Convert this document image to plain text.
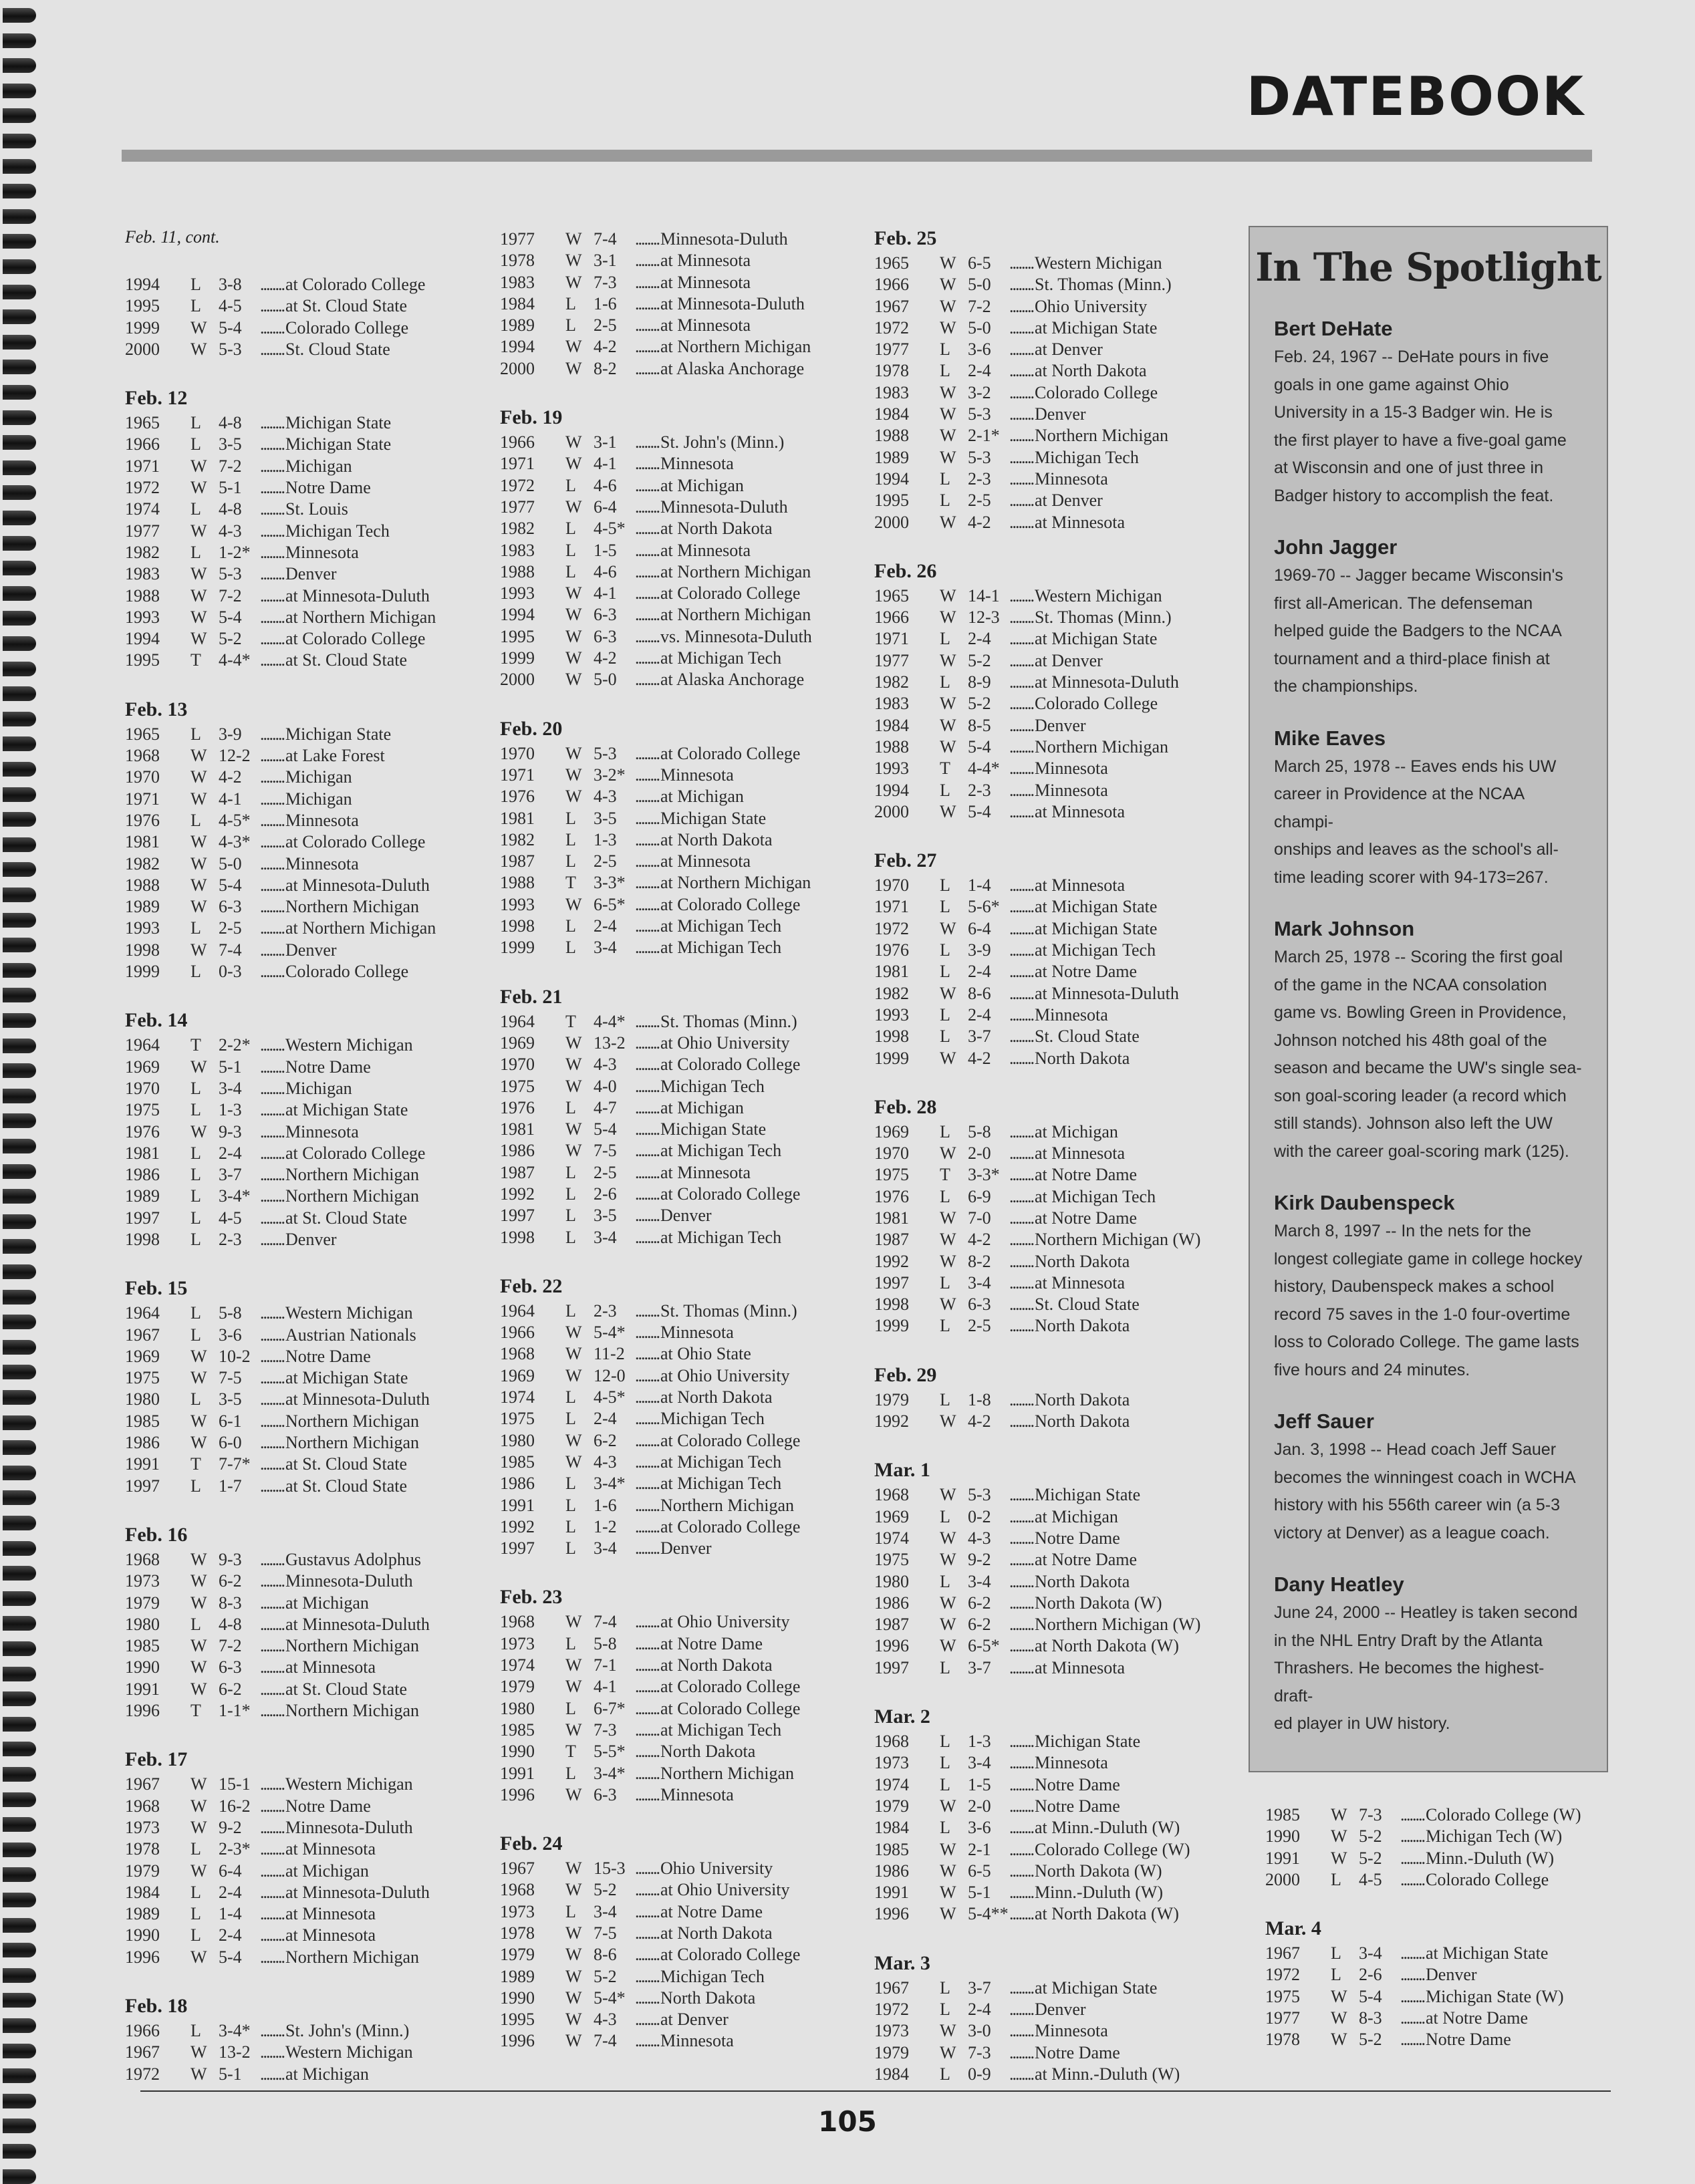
DATEBOOK
Feb. 11, cont.
1994	L	3-8	........ at Colorado College
1995	L	4-5	........ at St. Cloud State
1999	W 5-4	........ Colorado College
2000	W 5-3	........ St. Cloud State
Feb. 12
1965	L	4-8	........ Michigan State
1966	L	3-5	........ Michigan State
1971	W 7-2	........ Michigan
1972	W 5-1	........ Notre Dame
1974	L	4-8	........ St. Louis
1977	W 4-3	........ Michigan Tech
1982	L	1-2*	........ Minnesota
1983	W 5-3	........ Denver
1988	W 7-2	........ at Minnesota-Duluth
1993	W 5-4	........ at Northern Michigan
1994	W 5-2	........ at Colorado College
1995	T	4-4*	........ at St. Cloud State
Feb. 13
1965	L	3-9	........ Michigan State
1968	W 12-2	........ at Lake Forest
1970	W 4-2	........ Michigan
1971	W 4-1	........ Michigan
1976	L	4-5*	........ Minnesota
1981	W 4-3*	........ at Colorado College
1982	W 5-0	........ Minnesota
1988	W 5-4	........ at Minnesota-Duluth
1989	W 6-3	........ Northern Michigan
1993	L	2-5	........ at Northern Michigan
1998	W 7-4	........ Denver
1999	L	0-3	........ Colorado College
Feb. 14
1964	T	2-2*	........ Western Michigan
1969	W 5-1	........ Notre Dame
1970	L	3-4	........ Michigan
1975	L	1-3	........ at Michigan State
1976	W 9-3	........ Minnesota
1981	L	2-4	........ at Colorado College
1986	L	3-7	........ Northern Michigan
1989	L	3-4*	........ Northern Michigan
1997	L	4-5	........ at St. Cloud State
1998	L	2-3	........ Denver
Feb. 15
1964	L	5-8	........ Western Michigan
1967	L	3-6	........ Austrian Nationals
1969	W 10-2	........ Notre Dame
1975	W 7-5	........ at Michigan State
1980	L	3-5	........ at Minnesota-Duluth
1985	W 6-1	........ Northern Michigan
1986	W 6-0	........ Northern Michigan
1991	T	7-7*	........ at St. Cloud State
1997	L	1-7	........ at St. Cloud State
Feb. 16
1968	W 9-3	........ Gustavus Adolphus
1973	W 6-2	........ Minnesota-Duluth
1979	W 8-3	........ at Michigan
1980	L	4-8	........ at Minnesota-Duluth
1985	W 7-2	........ Northern Michigan
1990	W 6-3	........ at Minnesota
1991	W 6-2	........ at St. Cloud State
1996	T	1-1*	........ Northern Michigan
Feb. 17
1967	W 15-1	........ Western Michigan
1968	W 16-2	........ Notre Dame
1973	W 9-2	........ Minnesota-Duluth
1978	L	2-3*	........ at Minnesota
1979	W 6-4	........ at Michigan
1984	L	2-4	........ at Minnesota-Duluth
1989	L	1-4	........ at Minnesota
1990	L	2-4	........ at Minnesota
1996	W 5-4	........ Northern Michigan
Feb. 18
1966	L	3-4*	........ St. John's (Minn.)
1967	W 13-2	........ Western Michigan
1972	W 5-1	........ at Michigan
1977	W 7-4	........ Minnesota-Duluth
1978	W 3-1	........ at Minnesota
1983	W 7-3	........ at Minnesota
1984	L	1-6	........ at Minnesota-Duluth
1989	L	2-5	........ at Minnesota
1994	W 4-2	........ at Northern Michigan
2000	W 8-2	........ at Alaska Anchorage
Feb. 19
1966	W 3-1	........ St. John's (Minn.)
1971	W 4-1	........ Minnesota
1972	L	4-6	........ at Michigan
1977	W 6-4	........ Minnesota-Duluth
1982	L	4-5*	........ at North Dakota
1983	L	1-5	........ at Minnesota
1988	L	4-6	........ at Northern Michigan
1993	W 4-1	........ at Colorado College
1994	W 6-3	........ at Northern Michigan
1995	W 6-3	........ vs. Minnesota-Duluth
1999	W 4-2	........ at Michigan Tech
2000	W 5-0	........ at Alaska Anchorage
Feb. 20
1970	W 5-3	........ at Colorado College
1971	W 3-2*	........ Minnesota
1976	W 4-3	........ at Michigan
1981	L	3-5	........ Michigan State
1982	L	1-3	........ at North Dakota
1987	L	2-5	........ at Minnesota
1988	T	3-3*	........ at Northern Michigan
1993	W 6-5*	........ at Colorado College
1998	L	2-4	........ at Michigan Tech
1999	L	3-4	........ at Michigan Tech
Feb. 21
1964	T	4-4*	........ St. Thomas (Minn.)
1969	W 13-2	........ at Ohio University
1970	W 4-3	........ at Colorado College
1975	W 4-0	........ Michigan Tech
1976	L	4-7	........ at Michigan
1981	W 5-4	........ Michigan State
1986	W 7-5	........ at Michigan Tech
1987	L	2-5	........ at Minnesota
1992	L	2-6	........ at Colorado College
1997	L	3-5	........ Denver
1998	L	3-4	........ at Michigan Tech
Feb. 22
1964	L	2-3	........ St. Thomas (Minn.)
1966	W 5-4*	........ Minnesota
1968	W 11-2	........ at Ohio State
1969	W 12-0	........ at Ohio University
1974	L	4-5*	........ at North Dakota
1975	L	2-4	........ Michigan Tech
1980	W 6-2	........ at Colorado College
1985	W 4-3	........ at Michigan Tech
1986	L	3-4*	........ at Michigan Tech
1991	L	1-6	........ Northern Michigan
1992	L	1-2	........ at Colorado College
1997	L	3-4	........ Denver
Feb. 23
1968	W 7-4	........ at Ohio University
1973	L	5-8	........ at Notre Dame
1974	W 7-1	........ at North Dakota
1979	W 4-1	........ at Colorado College
1980	L	6-7*	........ at Colorado College
1985	W 7-3	........ at Michigan Tech
1990	T	5-5*	........ North Dakota
1991	L	3-4*	........ Northern Michigan
1996	W 6-3	........ Minnesota
Feb. 24
1967	W 15-3	........ Ohio University
1968	W 5-2	........ at Ohio University
1973	L	3-4	........ at Notre Dame
1978	W 7-5	........ at North Dakota
1979	W 8-6	........ at Colorado College
1989	W 5-2	........ Michigan Tech
1990	W 5-4*	........ North Dakota
1995	W 4-3	........ at Denver
1996	W 7-4	........ Minnesota
Feb. 25
1965	W 6-5	........ Western Michigan
1966	W 5-0	........ St. Thomas (Minn.)
1967	W 7-2	........ Ohio University
1972	W 5-0	........ at Michigan State
1977	L	3-6	........ at Denver
1978	L	2-4	........ at North Dakota
1983	W 3-2	........ Colorado College
1984	W 5-3	........ Denver
1988	W 2-1*	........ Northern Michigan
1989	W 5-3	........ Michigan Tech
1994	L	2-3	........ Minnesota
1995	L	2-5	........ at Denver
2000	W 4-2	........ at Minnesota
Feb. 26
1965	W 14-1	........ Western Michigan
1966	W 12-3	........ St. Thomas (Minn.)
1971	L	2-4	........ at Michigan State
1977	W 5-2	........ at Denver
1982	L	8-9	........ at Minnesota-Duluth
1983	W 5-2	........ Colorado College
1984	W 8-5	........ Denver
1988	W 5-4	........ Northern Michigan
1993	T	4-4*	........ Minnesota
1994	L	2-3	........ Minnesota
2000	W 5-4	........ at Minnesota
Feb. 27
1970	L	1-4	........ at Minnesota
1971	L	5-6*	........ at Michigan State
1972	W 6-4	........ at Michigan State
1976	L	3-9	........ at Michigan Tech
1981	L	2-4	........ at Notre Dame
1982	W 8-6	........ at Minnesota-Duluth
1993	L	2-4	........ Minnesota
1998	L	3-7	........ St. Cloud State
1999	W 4-2	........ North Dakota
Feb. 28
1969	L	5-8	........ at Michigan
1970	W 2-0	........ at Minnesota
1975	T	3-3*	........ at Notre Dame
1976	L	6-9	........ at Michigan Tech
1981	W 7-0	........ at Notre Dame
1987	W 4-2	........ Northern Michigan (W)
1992	W 8-2	........ North Dakota
1997	L	3-4	........ at Minnesota
1998	W 6-3	........ St. Cloud State
1999	L	2-5	........ North Dakota
Feb. 29
1979	L	1-8	........ North Dakota
1992	W 4-2	........ North Dakota
Mar. 1
1968	W 5-3	........ Michigan State
1969	L	0-2	........ at Michigan
1974	W 4-3	........ Notre Dame
1975	W 9-2	........ at Notre Dame
1980	L	3-4	........ North Dakota
1986	W 6-2	........ North Dakota (W)
1987	W 6-2	........ Northern Michigan (W)
1996	W 6-5*	........ at North Dakota (W)
1997	L	3-7	........ at Minnesota
Mar. 2
1968	L	1-3	........ Michigan State
1973	L	3-4	........ Minnesota
1974	L	1-5	........ Notre Dame
1979	W 2-0	........ Notre Dame
1984	L	3-6	........ at Minn.-Duluth (W)
1985	W 2-1	........ Colorado College (W)
1986	W 6-5	........ North Dakota (W)
1991	W 5-1	........ Minn.-Duluth (W)
1996	W 5-4**	........ at North Dakota (W)
Mar. 3
1967	L	3-7	........ at Michigan State
1972	L	2-4	........ Denver
1973	W 3-0	........ Minnesota
1979	W 7-3	........ Notre Dame
1984	L	0-9	........ at Minn.-Duluth (W)
1985	W 7-3	........ Colorado College (W)
1990	W 5-2	........ Michigan Tech (W)
1991	W 5-2	........ Minn.-Duluth (W)
2000	L	4-5	........ Colorado College
Mar. 4
1967	L	3-4	........ at Michigan State
1972	L	2-6	........ Denver
1975	W 5-4	........ Michigan State (W)
1977	W 8-3	........ at Notre Dame
1978	W 5-2	........ Notre Dame
In The Spotlight
Bert DeHate
Feb. 24, 1967 -- DeHate pours in five
goals in one game against Ohio
University in a 15-3 Badger win. He is
the first player to have a five-goal game
at Wisconsin and one of just three in
Badger history to accomplish the feat.
John Jagger
1969-70 -- Jagger became Wisconsin's
first all-American. The defenseman
helped guide the Badgers to the NCAA
tournament and a third-place finish at
the championships.
Mike Eaves
March 25, 1978 -- Eaves ends his UW
career in Providence at the NCAA champi-
onships and leaves as the school's all-
time leading scorer with 94-173=267.
Mark Johnson
March 25, 1978 -- Scoring the first goal
of the game in the NCAA consolation
game vs. Bowling Green in Providence,
Johnson notched his 48th goal of the
season and became the UW's single sea-
son goal-scoring leader (a record which
still stands). Johnson also left the UW
with the career goal-scoring mark (125).
Kirk Daubenspeck
March 8, 1997 -- In the nets for the
longest collegiate game in college hockey
history, Daubenspeck makes a school
record 75 saves in the 1-0 four-overtime
loss to Colorado College. The game lasts
five hours and 24 minutes.
Jeff Sauer
Jan. 3, 1998 -- Head coach Jeff Sauer
becomes the winningest coach in WCHA
history with his 556th career win (a 5-3
victory at Denver) as a league coach.
Dany Heatley
June 24, 2000 -- Heatley is taken second
in the NHL Entry Draft by the Atlanta
Thrashers. He becomes the highest-draft-
ed player in UW history.
105
